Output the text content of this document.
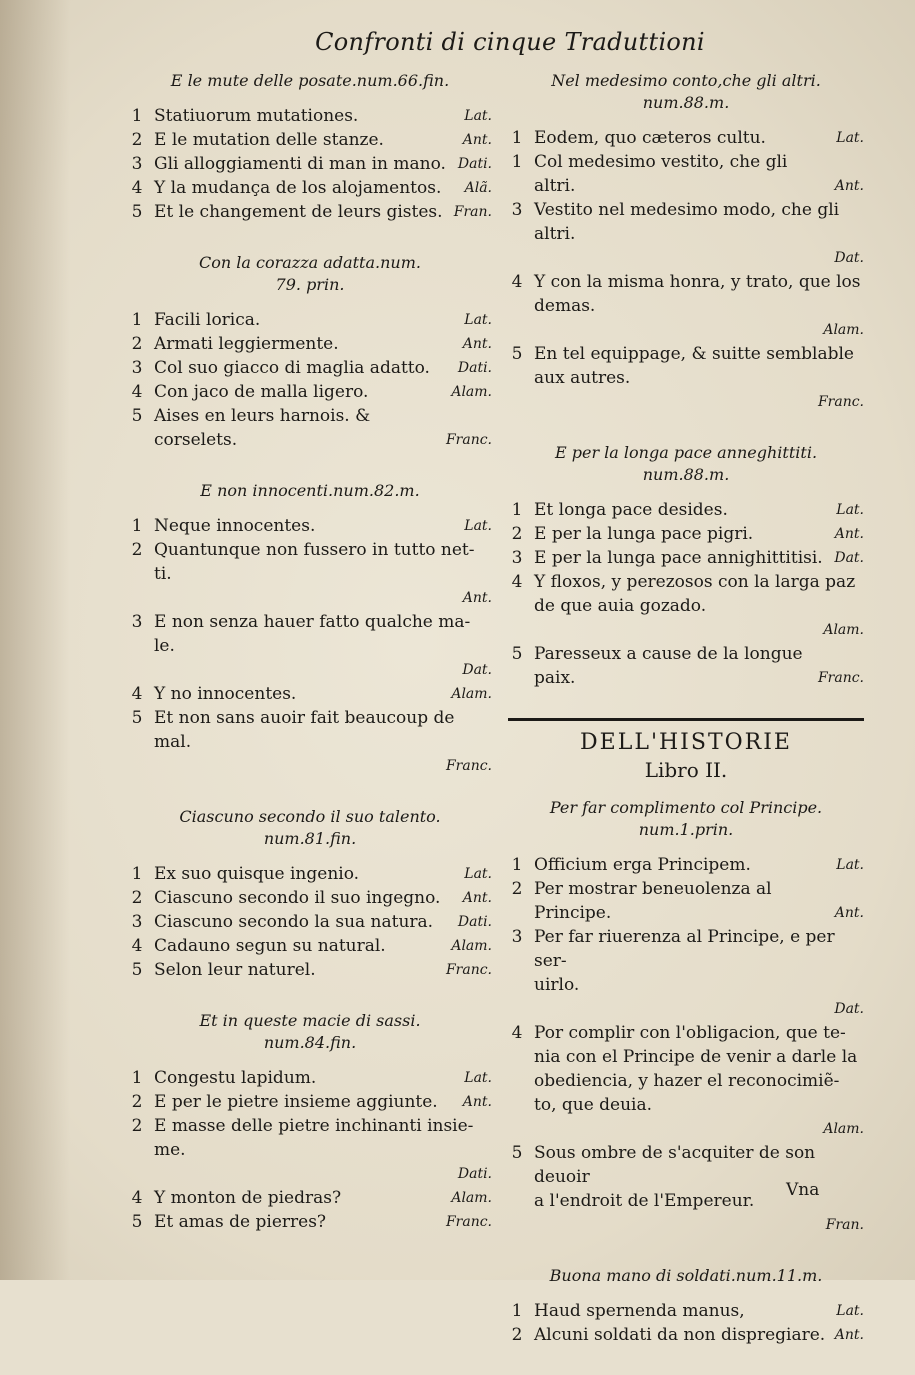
Confronti di cinque Traduttioni
E le mute delle posate.num.66.fin.
1 Statiuorum mutationes.	Lat.
2 E le mutation delle stanze.	Ant.
3 Gli alloggiamenti di man in mano. Dati.
4 Y la mudança de los alojamentos.	Alã.
5 Et le changement de leurs gistes. Fran.
Con la corazza adatta.num.
79. prin.
1 Facili lorica.	Lat.
2 Armati leggiermente.	Ant.
3 Col suo giacco di maglia adatto.	Dati.
4 Con jaco de malla ligero.	Alam.
5 Aises en leurs harnois. & corselets.	Franc.
E non innocenti.num.82.m.
1 Neque innocentes.	Lat.
2 Quantunque non fussero in tutto net-
ti.
Ant.
3 E non senza hauer fatto qualche ma-
le.
Dat.
4 Y no innocentes.	Alam.
5 Et non sans auoir fait beaucoup de
mal.
Franc.
Ciascuno secondo il suo talento.
num.81.fin.
1 Ex suo quisque ingenio.	Lat.
2 Ciascuno secondo il suo ingegno.	Ant.
3 Ciascuno secondo la sua natura.	Dati.
4 Cadauno segun su natural.	Alam.
5 Selon leur naturel.	Franc.
Et in queste macie di sassi.
num.84.fin.
1 Congestu lapidum.	Lat.
2 E per le pietre insieme aggiunte.	Ant.
2 E masse delle pietre inchinanti insie-
me.
Dati.
4 Y monton de piedras?	Alam.
5 Et amas de pierres?	Franc.
Nel medesimo conto,che gli altri.
num.88.m.
1 Eodem, quo cæteros cultu.	Lat.
1 Col medesimo vestito, che gli altri.	Ant.
3 Vestito nel medesimo modo, che gli
altri.
Dat.
4 Y con la misma honra, y trato, que los
demas.
Alam.
5 En tel equippage, & suitte semblable
aux autres.
Franc.
E per la longa pace anneghittiti.
num.88.m.
1 Et longa pace desides.	Lat.
2 E per la lunga pace pigri.	Ant.
3 E per la lunga pace annighittitisi. Dat.
4 Y floxos, y perezosos con la larga paz
de que auia gozado.
Alam.
5 Paresseux a cause de la longue paix.	Franc.
DELL'HISTORIE
Libro II.
Per far complimento col Principe.
num.1.prin.
1 Officium erga Principem.	Lat.
2 Per mostrar beneuolenza al Principe.	Ant.
3 Per far riuerenza al Principe, e per ser-
uirlo.
Dat.
4 Por complir con l'obligacion, que te-
nia con el Principe de venir a darle la
obediencia, y hazer el reconocimiẽ-
to, que deuia.
Alam.
5 Sous ombre de s'acquiter de son deuoir
a l'endroit de l'Empereur.
Fran.
Buona mano di soldati.num.11.m.
1 Haud spernenda manus,	Lat.
2 Alcuni soldati da non dispregiare. Ant.
Vna
